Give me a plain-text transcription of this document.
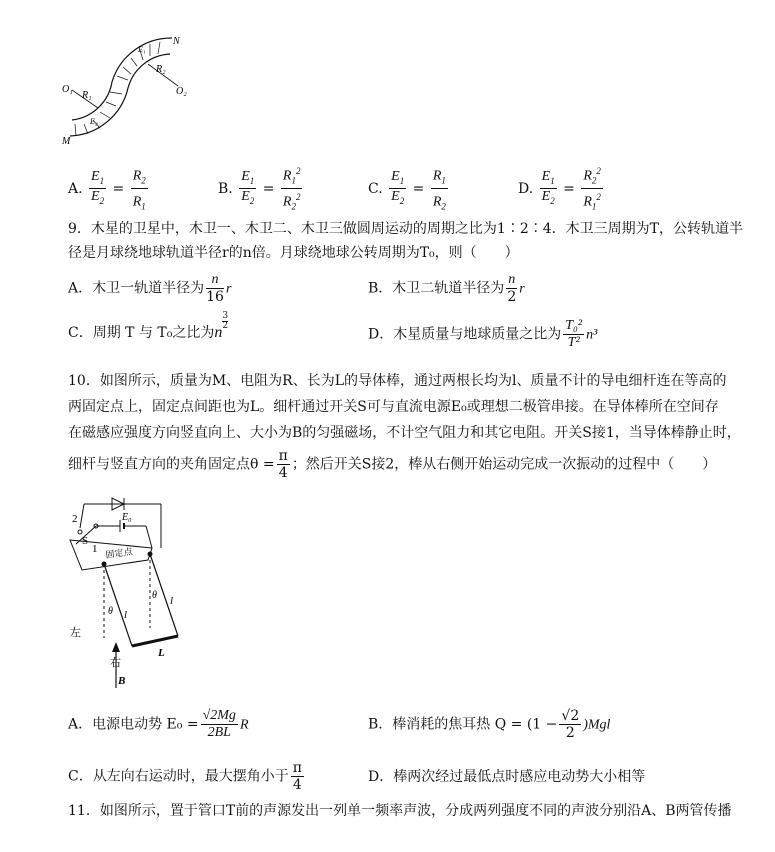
N
R₂
O₂
O₁
R₁
M
E₁
E₂
A. $\frac{E_1}{E_2} = \frac{R_2}{R_1}$	B. $\frac{E_1}{E_2} = \frac{R_1^2}{R_2^2}$	C. $\frac{E_1}{E_2} = \frac{R_1}{R_2}$	D. $\frac{E_1}{E_2} = \frac{R_2^2}{R_1^2}$
9．木星的卫星中，木卫一、木卫二、木卫三做圆周运动的周期之比为1∶2∶4．木卫三周期为T，公转轨道半
径是月球绕地球轨道半径r的n倍。月球绕地球公转周期为T₀，则（　　）
A．木卫一轨道半径为 $\frac{n}{16}$ r	B．木卫二轨道半径为 $\frac{n}{2}$ r
C．周期 T 与 T₀之比为n
$\frac{3}{2}$
D．木星质量与地球质量之比为 $\frac{\text{T₀²}}{\text{T²}} n^3$
10．如图所示，质量为M、电阻为R、长为L的导体棒，通过两根长均为l、质量不计的导电细杆连在等高的
两固定点上，固定点间距也为L。细杆通过开关S可与直流电源E₀或理想二极管串接。在导体棒所在空间存
在磁感应强度方向竖直向上、大小为B的匀强磁场，不计空气阻力和其它电阻。开关S接1，当导体棒静止时，
细杆与竖直方向的夹角固定点$\theta = \frac{\pi}{4}$ ；然后开关S接2，棒从右侧开始运动完成一次振动的过程中（　　）
2
S
1
E₀
固定点
θ
θ
l
l
L
左
右
B
A．电源电动势 $E_0 = \frac{√2Mg}{2BL}$ R	B．棒消耗的焦耳热 $Q = (1 - \frac{√2}{2} )Mgl$
C．从左向右运动时，最大摆角小于 $\frac{\pi}{4}$	D．棒两次经过最低点时感应电动势大小相等
11．如图所示，置于管口T前的声源发出一列单一频率声波，分成两列强度不同的声波分别沿A、B两管传播
